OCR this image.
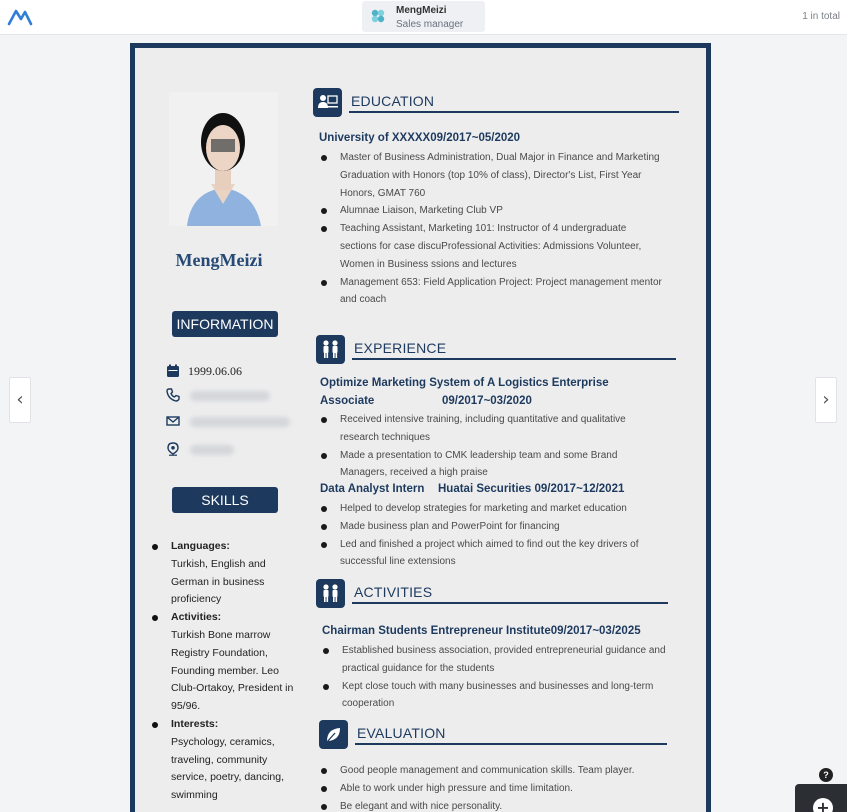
MengMeizi
Sales manager
1 in total
‹	›
MengMeizi
INFORMATION
1999.06.06
SKILLS
Languages:
Turkish, English and German in business proficiency
Activities:
Turkish Bone marrow Registry Foundation, Founding member. Leo Club-Ortakoy, President in 95/96.
Interests:
Psychology, ceramics, traveling, community service, poetry, dancing, swimming
EDUCATION
University of XXXXX09/2017~05/2020
Master of Business Administration, Dual Major in Finance and Marketing Graduation with Honors (top 10% of class), Director's List, First Year Honors, GMAT 760
Alumnae Liaison, Marketing Club VP
Teaching Assistant, Marketing 101: Instructor of 4 undergraduate sections for case discuProfessional Activities: Admissions Volunteer, Women in Business ssions and lectures
Management 653: Field Application Project: Project management mentor and coach
EXPERIENCE
Optimize Marketing System of A Logistics Enterprise
Associate	09/2017~03/2020
Received intensive training, including quantitative and qualitative research techniques
Made a presentation to CMK leadership team and some Brand Managers, received a high praise
Data Analyst Intern Huatai Securities 09/2017~12/2021
Helped to develop strategies for marketing and market education
Made business plan and PowerPoint for financing
Led and finished a project which aimed to find out the key drivers of successful line extensions
ACTIVITIES
Chairman Students Entrepreneur Institute09/2017~03/2025
Established business association, provided entrepreneurial guidance and practical guidance for the students
Kept close touch with many businesses and businesses and long-term cooperation
EVALUATION
Good people management and communication skills. Team player.
Able to work under high pressure and time limitation.
Be elegant and with nice personality.
?
+
